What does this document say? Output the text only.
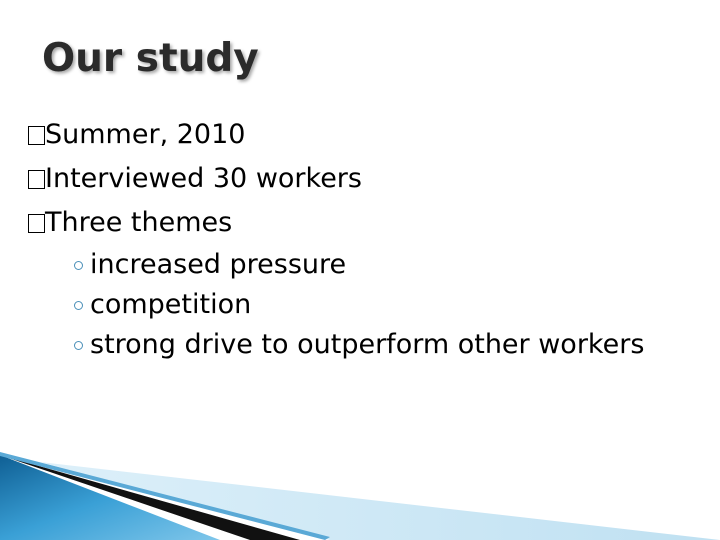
Our study
Summer, 2010
Interviewed 30 workers
Three themes
increased pressure
competition
strong drive to outperform other workers
